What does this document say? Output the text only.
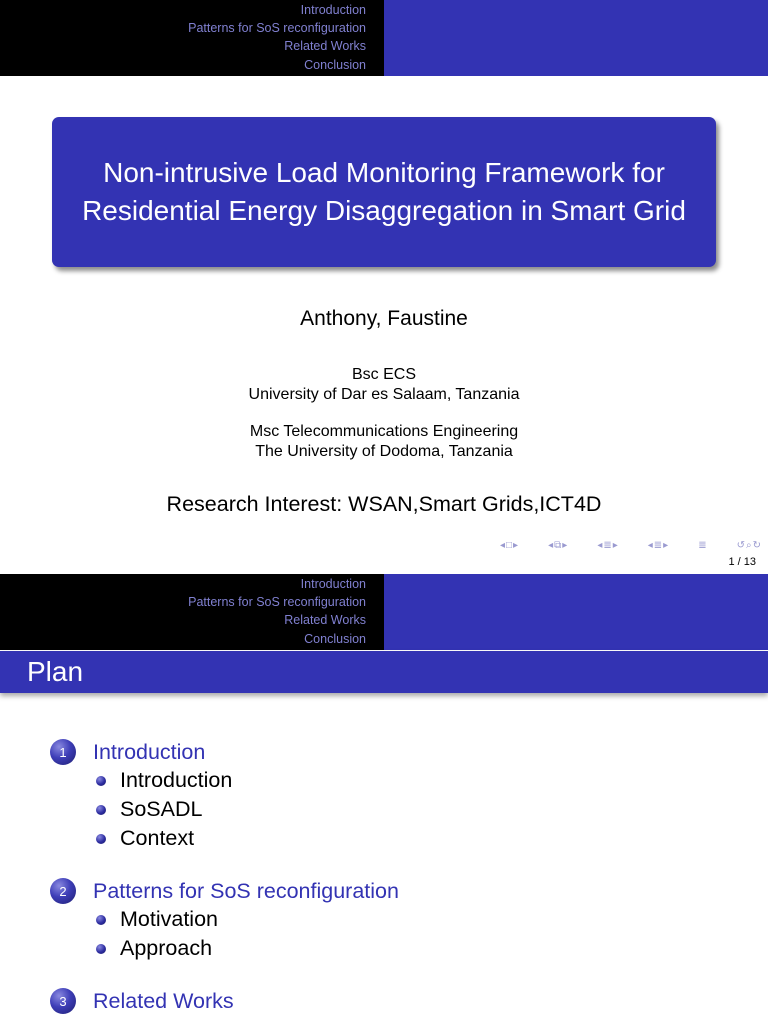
Introduction
Patterns for SoS reconfiguration
Related Works
Conclusion
Non-intrusive Load Monitoring Framework for Residential Energy Disaggregation in Smart Grid
Anthony, Faustine
Bsc ECS
University of Dar es Salaam, Tanzania
Msc Telecommunications Engineering
The University of Dodoma, Tanzania
Research Interest: WSAN,Smart Grids,ICT4D
◂□▸	◂⧉▸	◂≣▸	◂≣▸	≣	↺⌕↻
1 / 13
Introduction
Patterns for SoS reconfiguration
Related Works
Conclusion
Plan
1	Introduction
Introduction
SoSADL
Context
2	Patterns for SoS reconfiguration
Motivation
Approach
3	Related Works
